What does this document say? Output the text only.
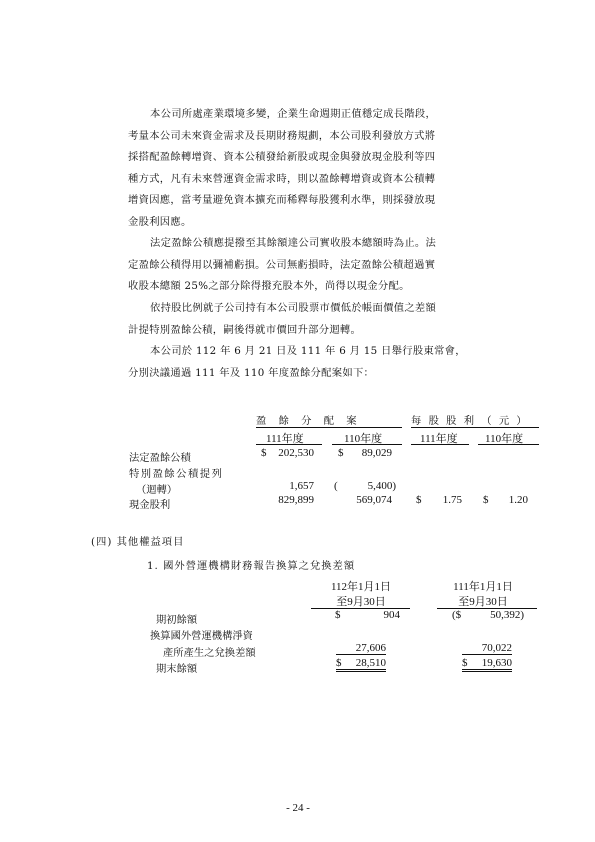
本公司所處產業環境多變，企業生命週期正值穩定成長階段，
考量本公司未來資金需求及長期財務規劃，本公司股利發放方式將
採搭配盈餘轉增資、資本公積發給新股或現金與發放現金股利等四
種方式，凡有未來營運資金需求時，則以盈餘轉增資或資本公積轉
增資因應，當考量避免資本擴充而稀釋每股獲利水準，則採發放現
金股利因應。
法定盈餘公積應提撥至其餘額達公司實收股本總額時為止。法
定盈餘公積得用以彌補虧損。公司無虧損時，法定盈餘公積超過實
收股本總額 25%之部分除得撥充股本外，尚得以現金分配。
依持股比例就子公司持有本公司股票市價低於帳面價值之差額
計提特別盈餘公積，嗣後得就市價回升部分迴轉。
本公司於 112 年 6 月 21 日及 111 年 6 月 15 日舉行股東常會，
分別決議通過 111 年及 110 年度盈餘分配案如下：
盈 餘 分 配 案	每 股 股 利 （ 元 ）
111年度	110年度	111年度 110年度
法定盈餘公積	$	202,530 $	89,029
特別盈餘公積提列
（迴轉）	1,657 (	5,400)
現金股利	829,899	569,074 $	1.75 $	1.20
(四) 其他權益項目
1. 國外營運機構財務報告換算之兌換差額
112年1月1日
至9月30日
111年1月1日
至9月30日
期初餘額	$	904	($	50,392)
換算國外營運機構淨資
產所產生之兌換差額	27,606	70,022
期末餘額	$ 28,510	$ 19,630
- 24 -
